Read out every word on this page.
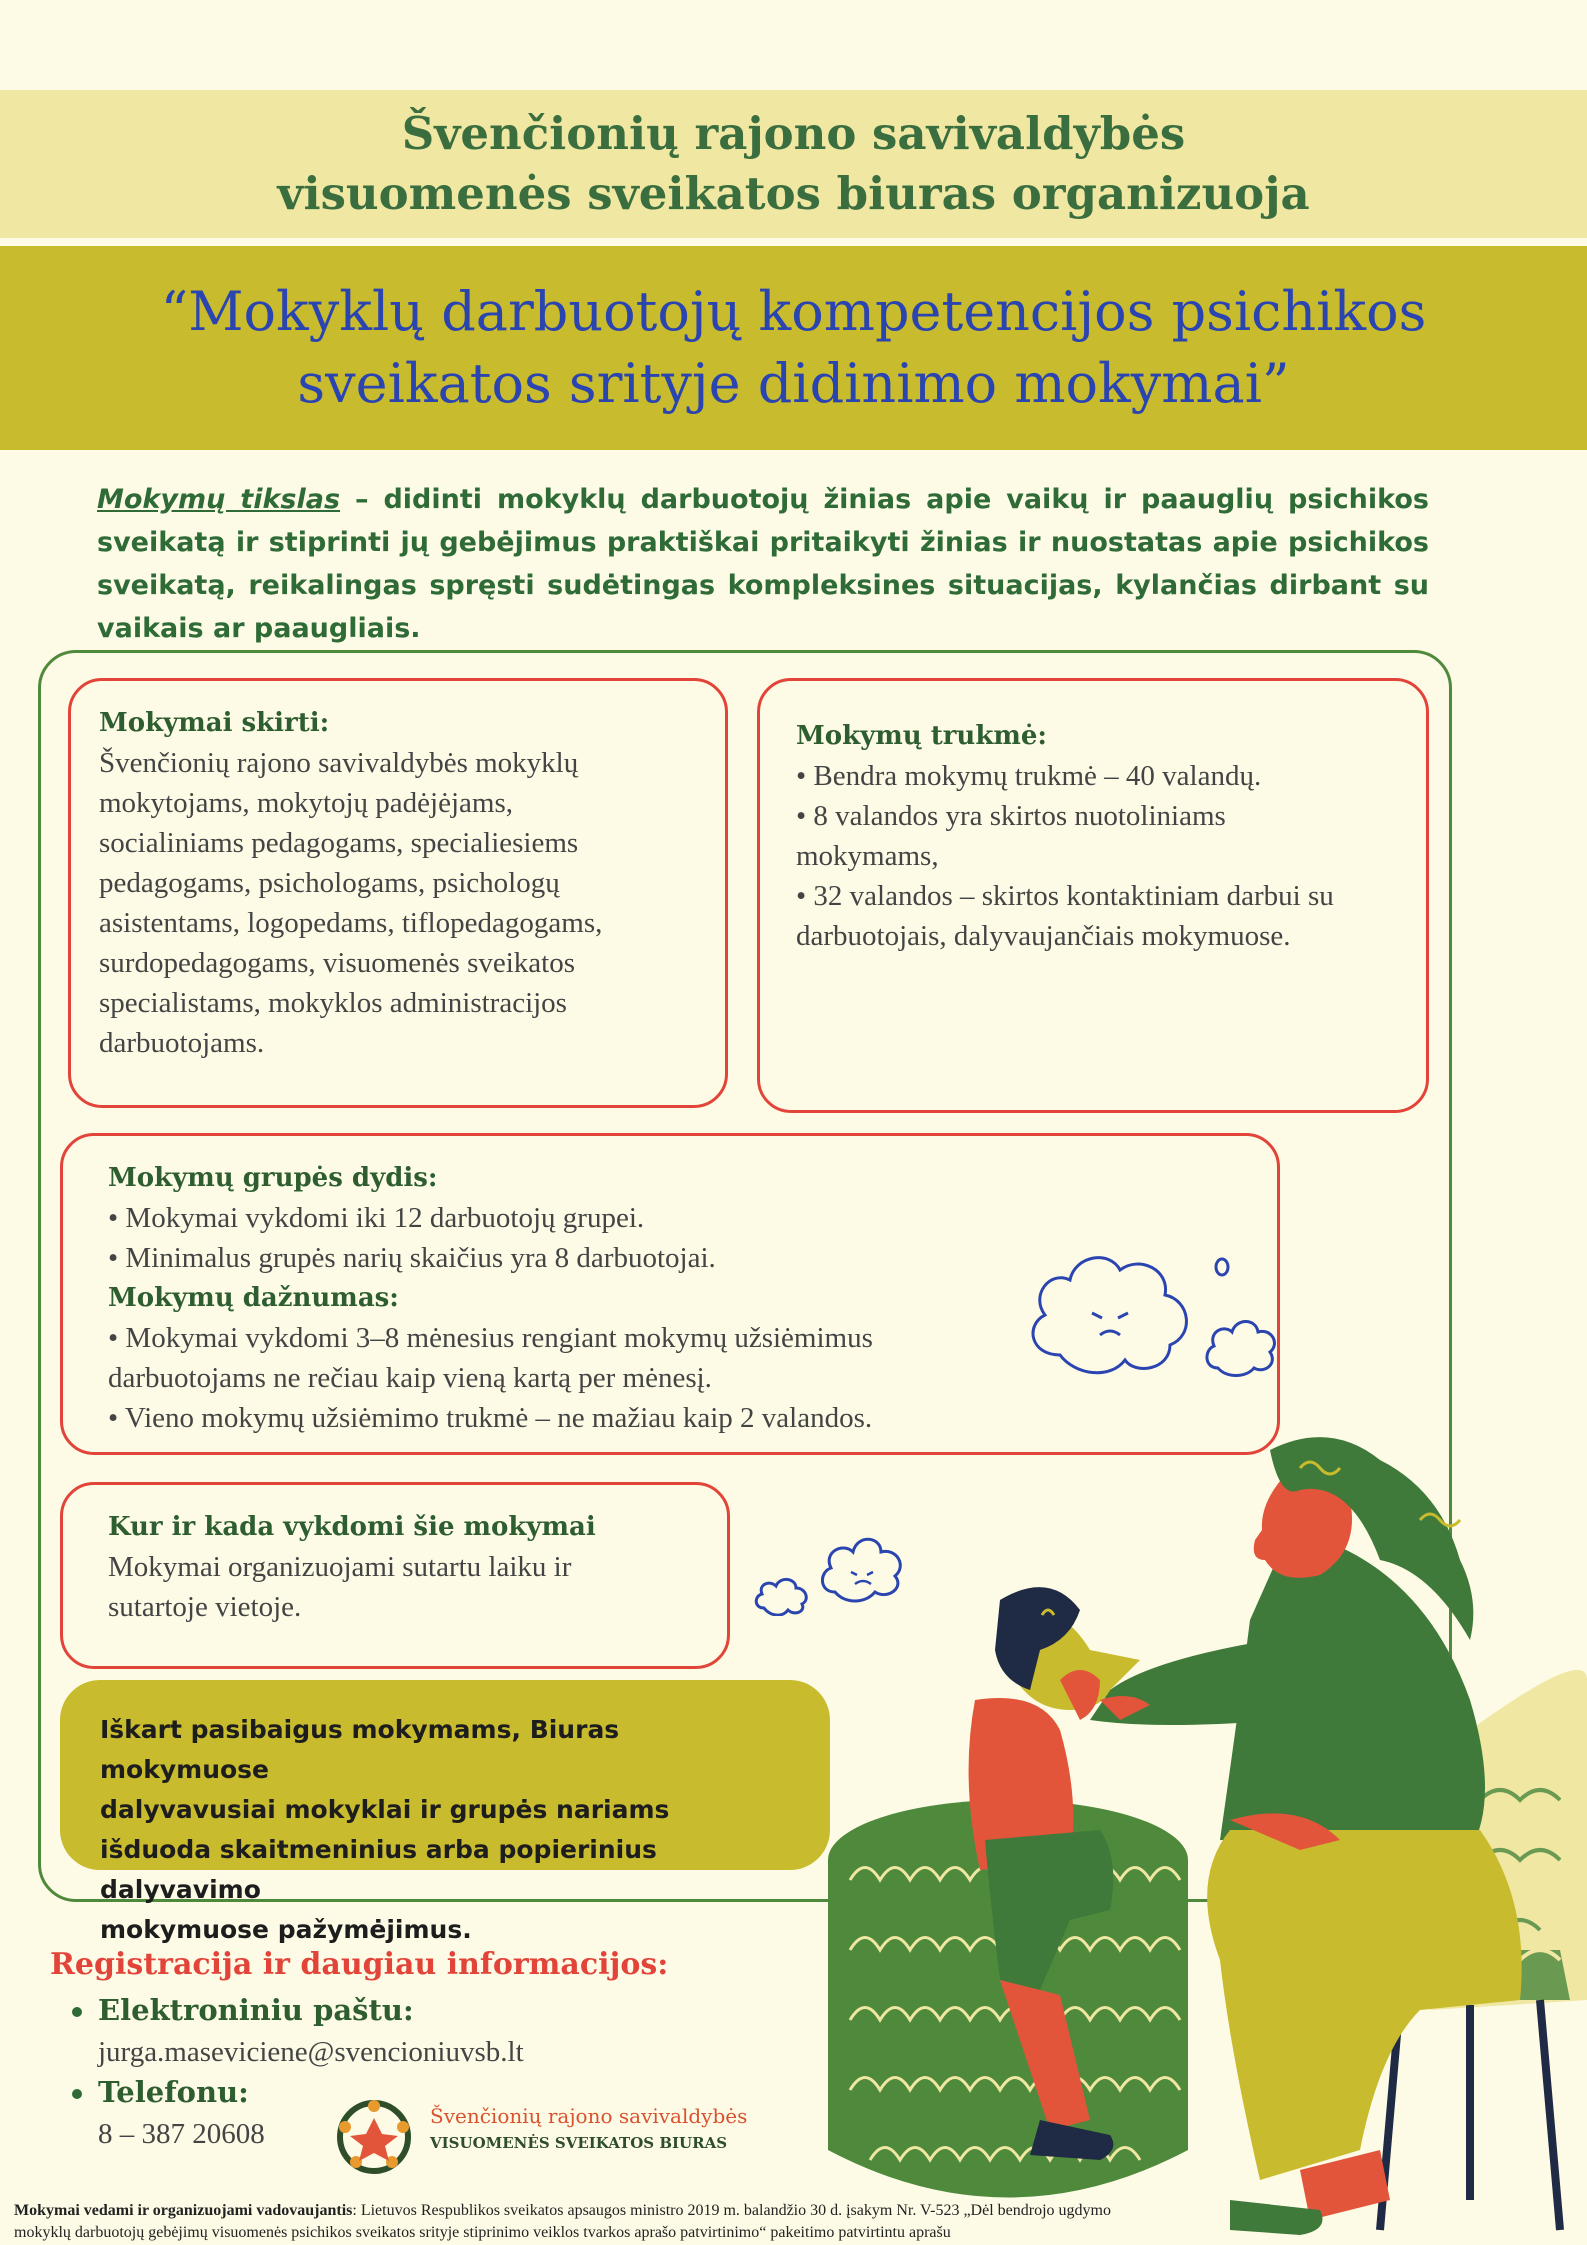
Švenčionių rajono savivaldybės
visuomenės sveikatos biuras organizuoja
“Mokyklų darbuotojų kompetencijos psichikos
sveikatos srityje didinimo mokymai”
Mokymų tikslas – didinti mokyklų darbuotojų žinias apie vaikų ir paauglių psichikos sveikatą ir stiprinti jų gebėjimus praktiškai pritaikyti žinias ir nuostatas apie psichikos sveikatą, reikalingas spręsti sudėtingas kompleksines situacijas, kylančias dirbant su vaikais ar paaugliais.
Mokymai skirti:
Švenčionių rajono savivaldybės mokyklų
mokytojams, mokytojų padėjėjams,
socialiniams pedagogams, specialiesiems
pedagogams, psichologams, psichologų
asistentams, logopedams, tiflopedagogams,
surdopedagogams, visuomenės sveikatos
specialistams, mokyklos administracijos
darbuotojams.
Mokymų trukmė:
• Bendra mokymų trukmė – 40 valandų.
• 8 valandos yra skirtos nuotoliniams
mokymams,
• 32 valandos – skirtos kontaktiniam darbui su
darbuotojais, dalyvaujančiais mokymuose.
Mokymų grupės dydis:
• Mokymai vykdomi iki 12 darbuotojų grupei.
• Minimalus grupės narių skaičius yra 8 darbuotojai.
Mokymų dažnumas:
• Mokymai vykdomi 3–8 mėnesius rengiant mokymų užsiėmimus
darbuotojams ne rečiau kaip vieną kartą per mėnesį.
• Vieno mokymų užsiėmimo trukmė – ne mažiau kaip 2 valandos.
Kur ir kada vykdomi šie mokymai
Mokymai organizuojami sutartu laiku ir
sutartoje vietoje.
Iškart pasibaigus mokymams, Biuras mokymuose
dalyvavusiai mokyklai ir grupės nariams
išduoda skaitmeninius arba popierinius dalyvavimo
mokymuose pažymėjimus.
Registracija ir daugiau informacijos:
Elektroniniu paštu:
jurga.maseviciene@svencioniuvsb.lt
Telefonu:
8 – 387 20608
Švenčionių rajono savivaldybės
VISUOMENĖS SVEIKATOS BIURAS
Mokymai vedami ir organizuojami vadovaujantis: Lietuvos Respublikos sveikatos apsaugos ministro 2019 m. balandžio 30 d. įsakym Nr. V-523 „Dėl bendrojo ugdymo
mokyklų darbuotojų gebėjimų visuomenės psichikos sveikatos srityje stiprinimo veiklos tvarkos aprašo patvirtinimo“ pakeitimo patvirtintu aprašu
